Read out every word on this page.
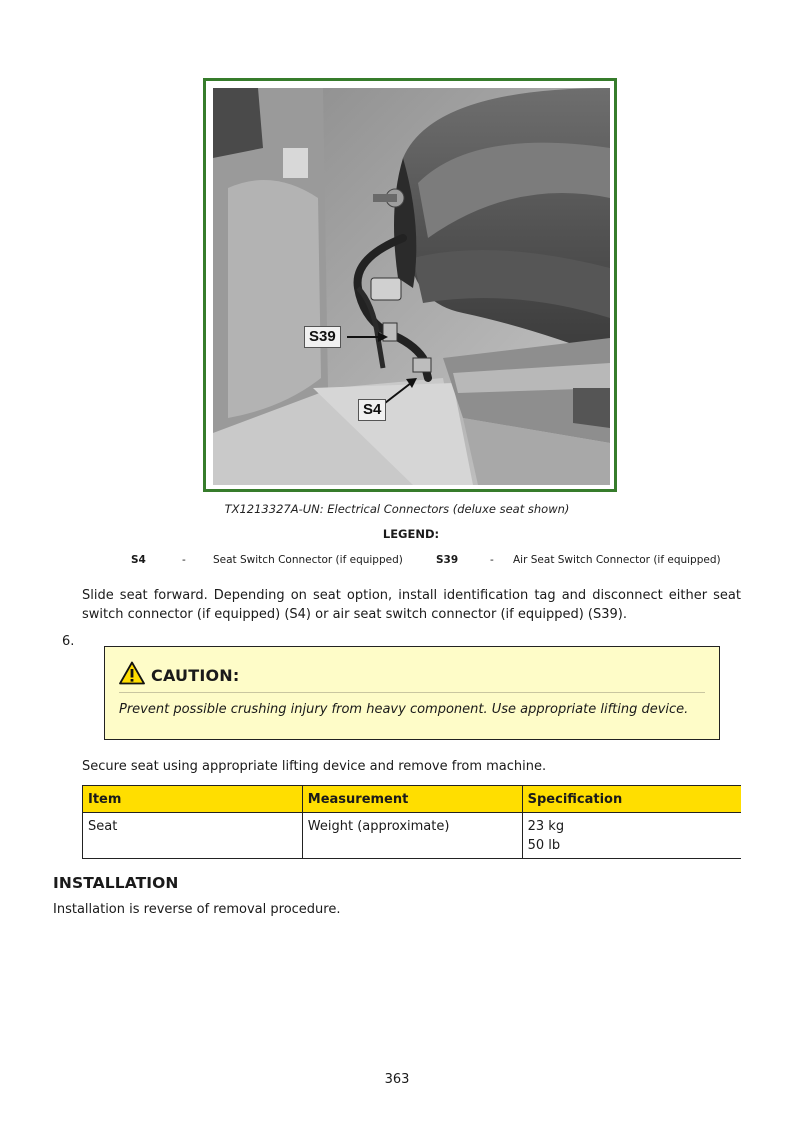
S39
S4
TX1213327A-UN: Electrical Connectors (deluxe seat shown)
LEGEND:
S4	-	Seat Switch Connector (if equipped)	S39	- Air Seat Switch Connector (if equipped)
Slide seat forward. Depending on seat option, install identification tag and disconnect either seat switch connector (if equipped) (S4) or air seat switch connector (if equipped) (S39).
6.
CAUTION:
Prevent possible crushing injury from heavy component. Use appropriate lifting device.
Secure seat using appropriate lifting device and remove from machine.
Item	Measurement	Specification
Seat	Weight (approximate)	23 kg
50 lb
INSTALLATION
Installation is reverse of removal procedure.
363
